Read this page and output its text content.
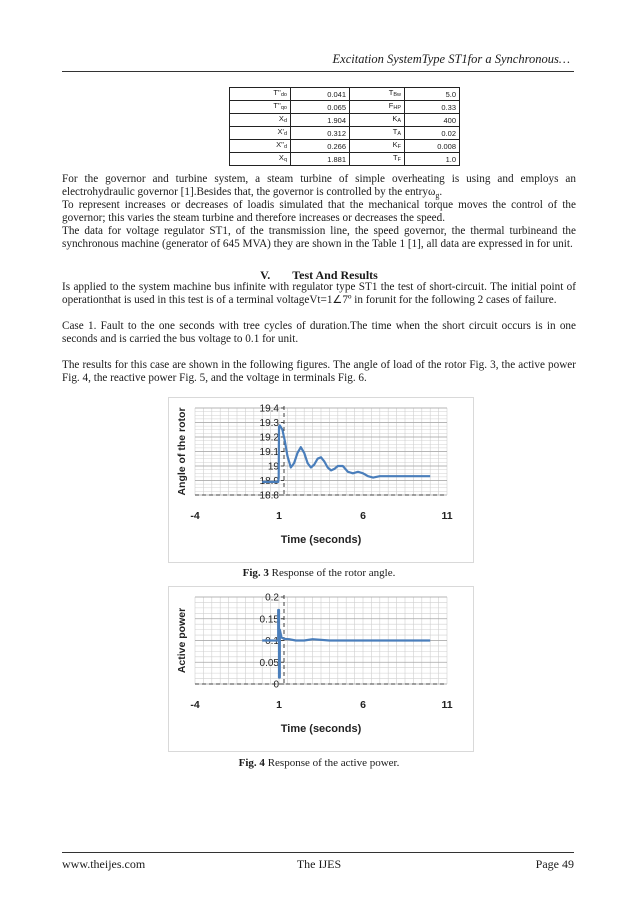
Excitation SystemType ST1for a Synchronous…
T''do	0.041	TBw	5.0
T''qo	0.065	FHP	0.33
Xd	1.904	KA	400
X'd	0.312	TA	0.02
X''d	0.266	KF	0.008
Xq	1.881	TF	1.0

For the governor and turbine system, a steam turbine of simple overheating is using and employs an electrohydraulic governor [1].Besides that, the governor is controlled by the entryω$_g$.

To represent increases or decreases of loadis simulated that the mechanical torque moves the control of the governor; this varies the steam turbine and therefore increases or decreases the speed.

The data for voltage regulator ST1, of the transmission line, the speed governor, the thermal turbineand the synchronous machine (generator of 645 MVA) they are shown in the Table 1 [1], all data are expressed in for unit.

V. Test And Results

Is applied to the system machine bus infinite with regulator type ST1 the test of short-circuit. The initial point of operationthat is used in this test is of a terminal voltageVt=1∠7º in forunit for the following 2 cases of failure.

Case 1. Fault to the one seconds with tree cycles of duration.The time when the short circuit occurs is in one seconds and is carried the bus voltage to 0.1 for unit.

The results for this case are shown in the following figures. The angle of load of the rotor Fig. 3, the active power Fig. 4, the reactive power Fig. 5, and the voltage in terminals Fig. 6.

18.8
18.9
19
19.1
19.2
19.3
19.4
-4	1	6	11
Time (seconds)
Angle of the rotor
Fig. 3 Response of the rotor angle.
0
0.05
0.1
0.15
0.2
-4	1	6	11
Time (seconds)
Active power
Fig. 4 Response of the active power.
www.theijes.com	The IJES	Page 49
